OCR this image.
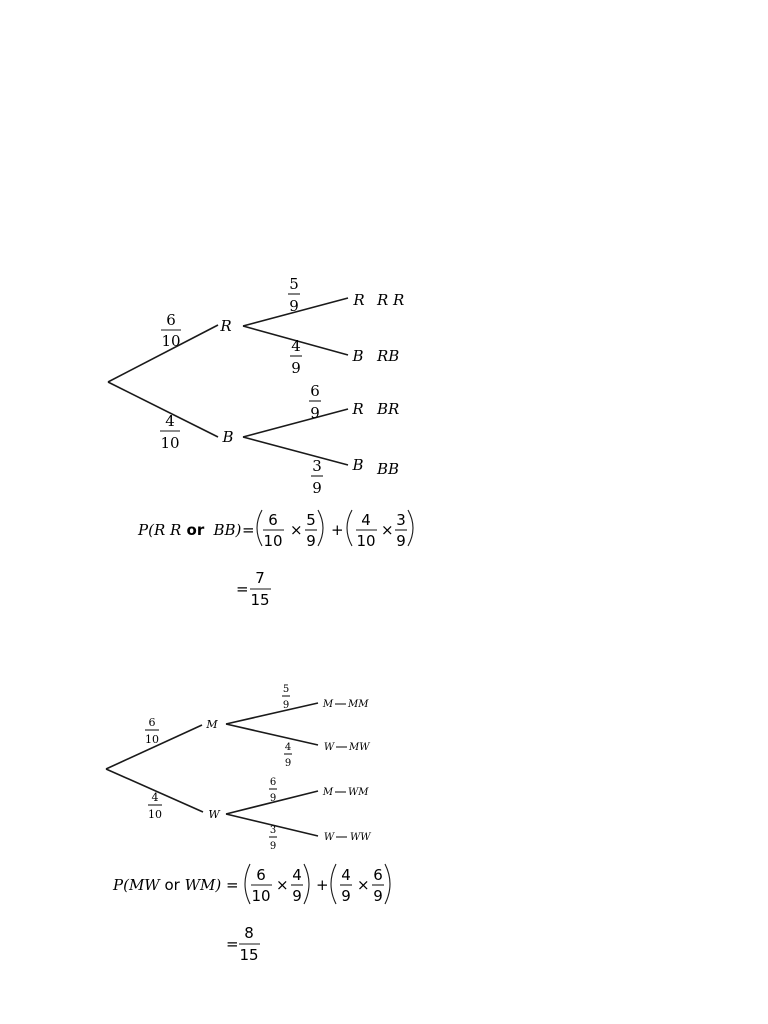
6
10
4
10
R
B
5
9
4
9
6
9
3
9
R R R
B RB
R BR
B BB
P(R R or BB) =
6
10
×
5
9
+
4
10
×
3
9
=
7
15
6
10
4
10
M
W
5
9
4
9
6
9
3
9
M MM
W MW
M WM
W WW
P(MW or WM) =
6
10
×
4
9
+
4
9
×
6
9
=
8
15
